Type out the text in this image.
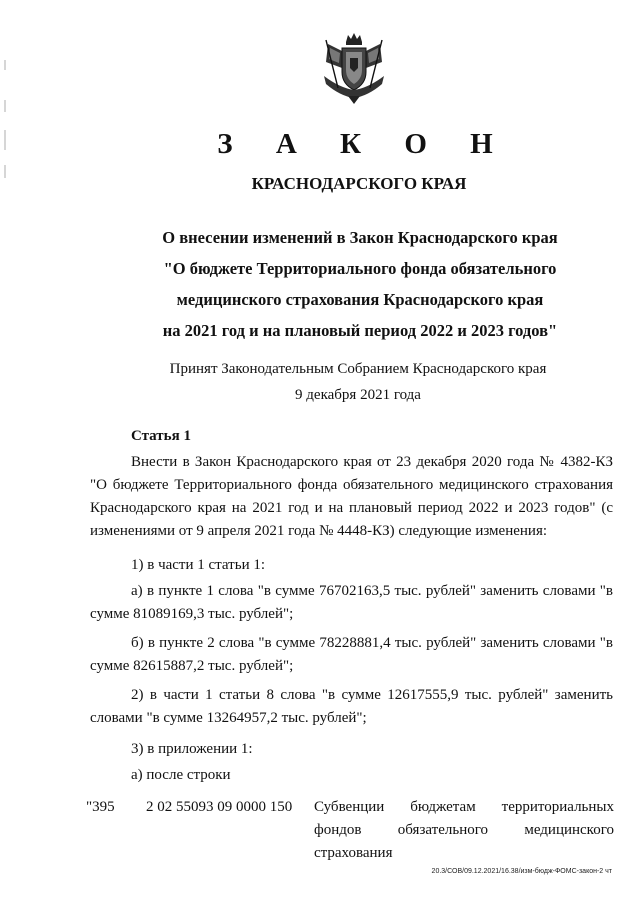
З А К О Н
КРАСНОДАРСКОГО КРАЯ
О внесении изменений в Закон Краснодарского края
"О бюджете Территориального фонда обязательного
медицинского страхования Краснодарского края
на 2021 год и на плановый период 2022 и 2023 годов"
Принят Законодательным Собранием Краснодарского края
9 декабря 2021 года
Статья 1
Внести в Закон Краснодарского края от 23 декабря 2020 года № 4382-КЗ "О бюджете Территориального фонда обязательного медицинского страхования Краснодарского края на 2021 год и на плановый период 2022 и 2023 годов" (с изменениями от 9 апреля 2021 года № 4448-КЗ) следующие изменения:
1) в части 1 статьи 1:
а) в пункте 1 слова "в сумме 76702163,5 тыс. рублей" заменить словами "в сумме 81089169,3 тыс. рублей";
б) в пункте 2 слова "в сумме 78228881,4 тыс. рублей" заменить словами "в сумме 82615887,2 тыс. рублей";
2) в части 1 статьи 8 слова "в сумме 12617555,9 тыс. рублей" заменить словами "в сумме 13264957,2 тыс. рублей";
3) в приложении 1:
а) после строки
"395 2 02 55093 09 0000 150 Субвенции бюджетам территориальных фондов обязательного медицинского страхования
20.3/СОВ/09.12.2021/16.38/изм-бюдж-ФОМС-закон-2 чт
